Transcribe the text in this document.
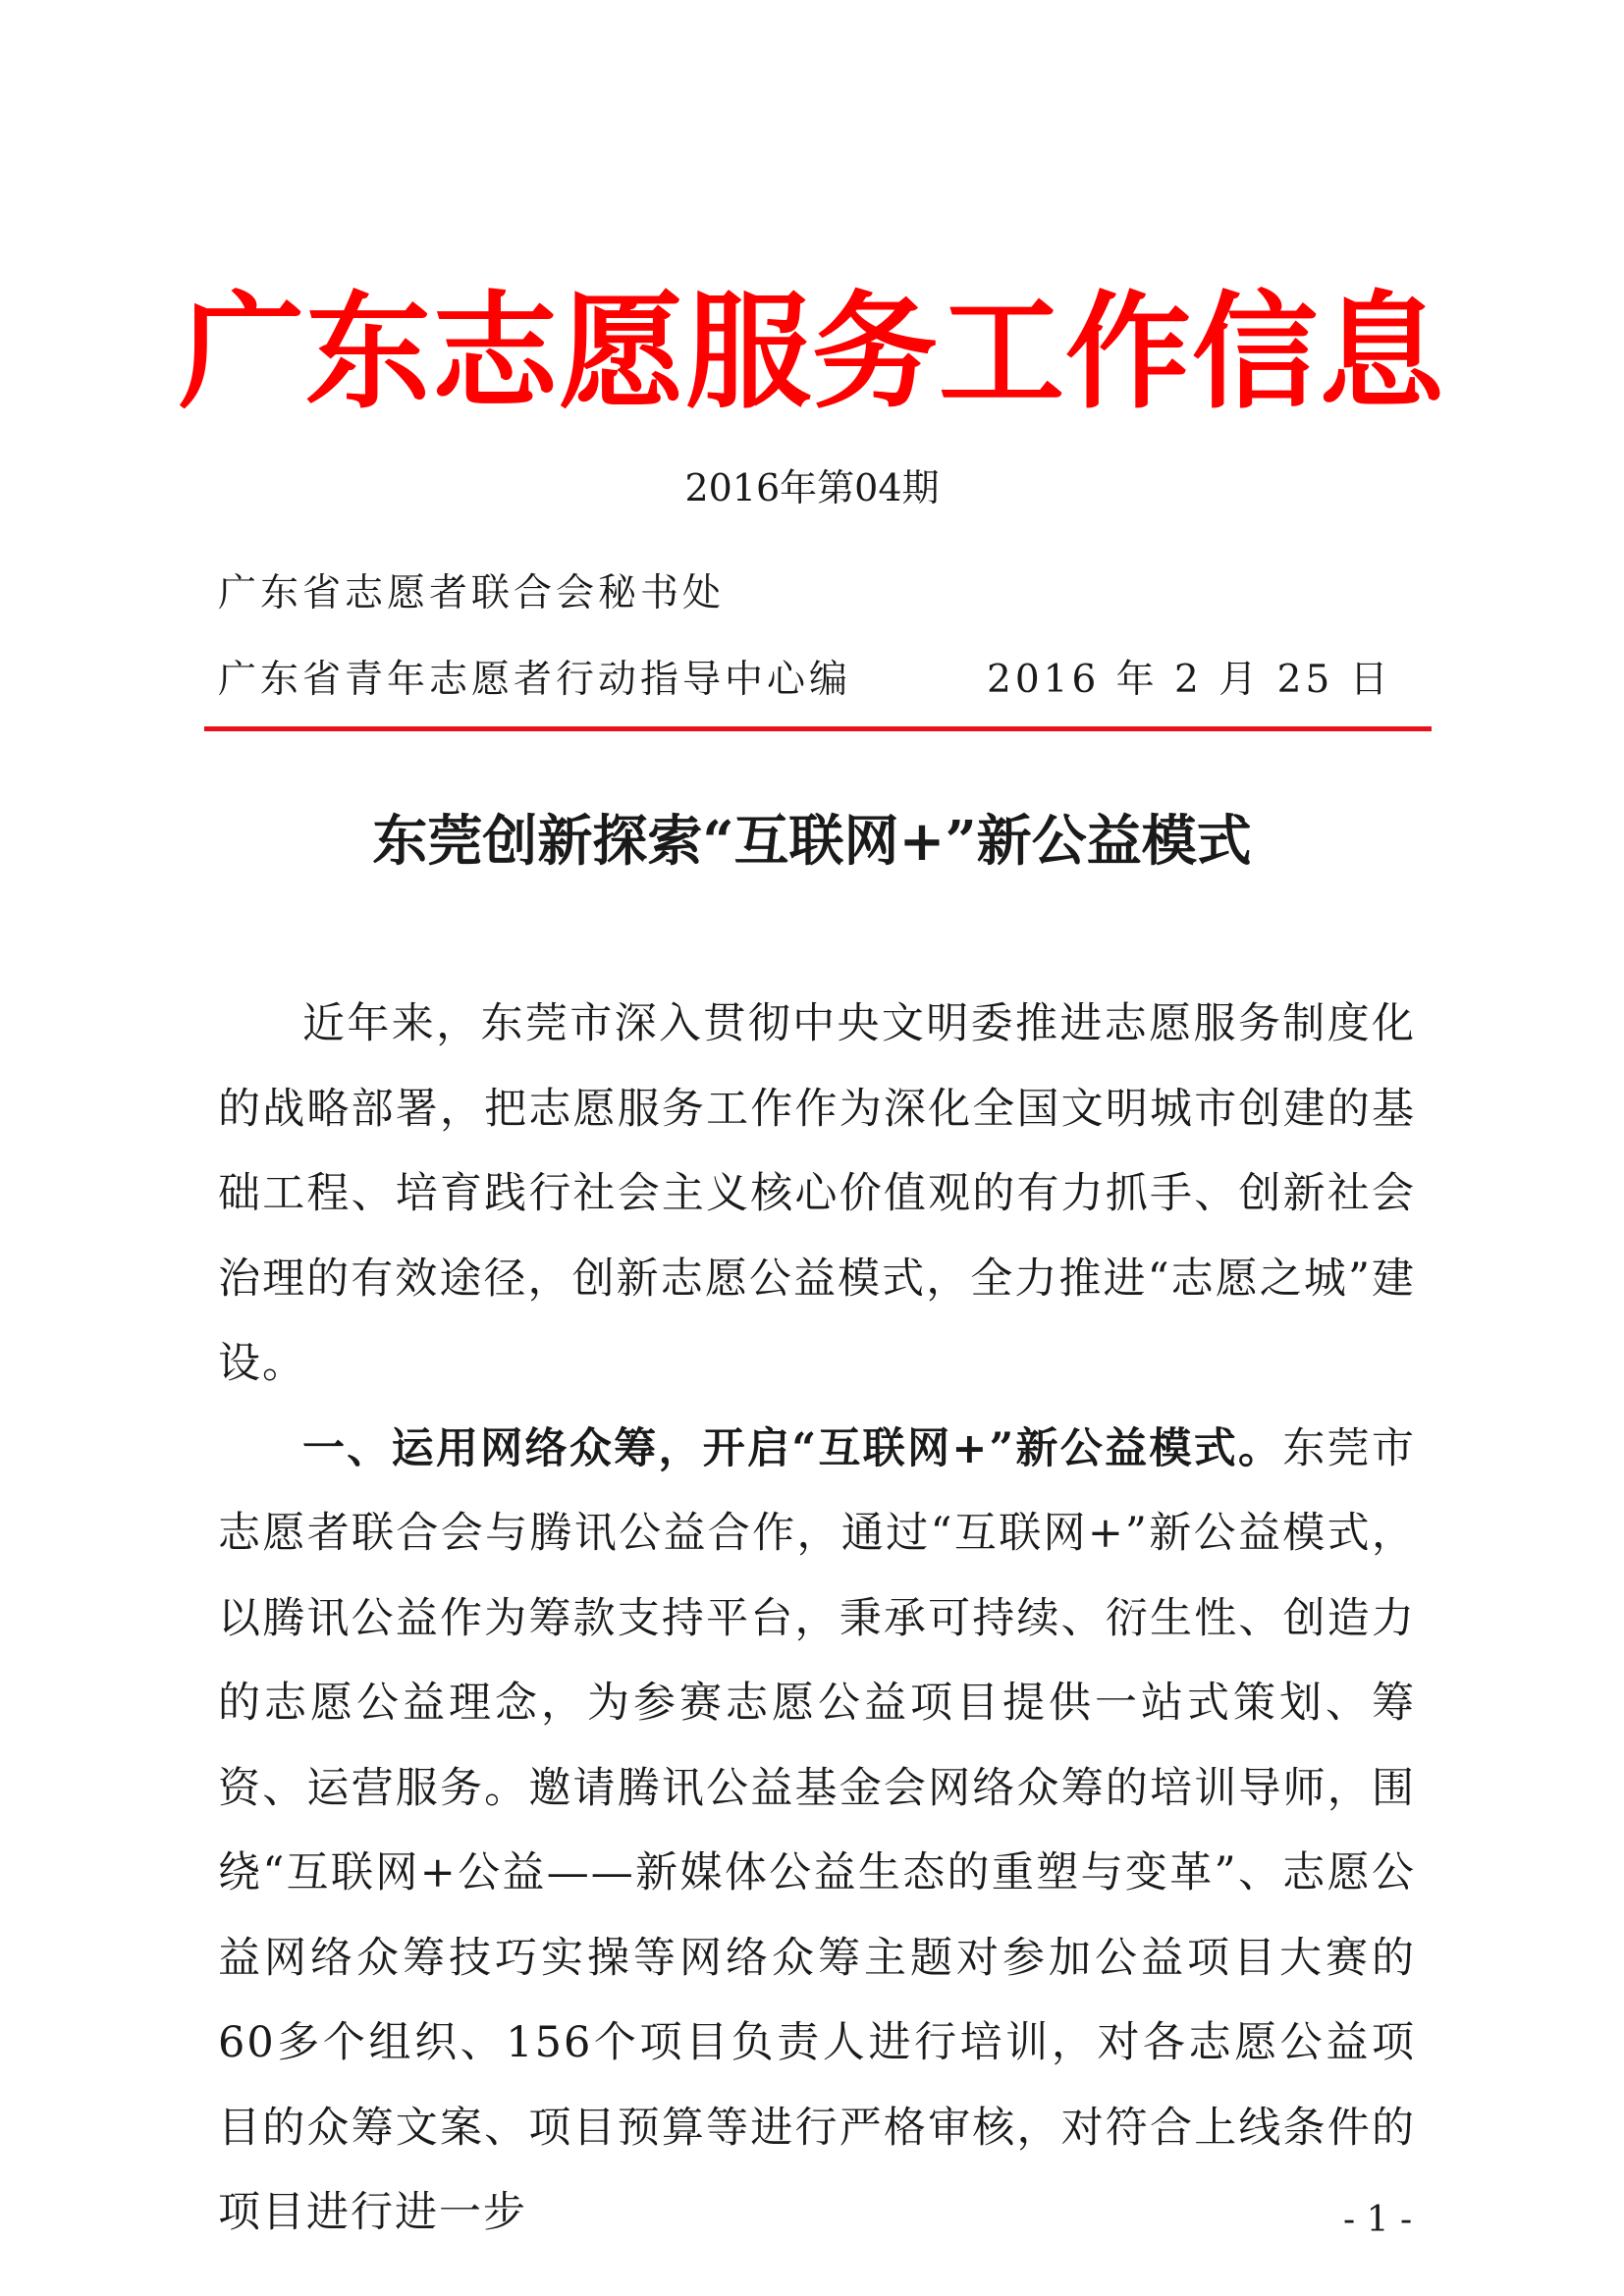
广东志愿服务工作信息
2016年第04期
广东省志愿者联合会秘书处
广东省青年志愿者行动指导中心编	2016 年 2 月 25 日
东莞创新探索“互联网+”新公益模式

近年来，东莞市深入贯彻中央文明委推进志愿服务制度化的战略部署，把志愿服务工作作为深化全国文明城市创建的基础工程、培育践行社会主义核心价值观的有力抓手、创新社会治理的有效途径，创新志愿公益模式，全力推进“志愿之城”建设。

一、运用网络众筹，开启“互联网+”新公益模式。东莞市志愿者联合会与腾讯公益合作，通过“互联网+”新公益模式，以腾讯公益作为筹款支持平台，秉承可持续、衍生性、创造力的志愿公益理念，为参赛志愿公益项目提供一站式策划、筹资、运营服务。邀请腾讯公益基金会网络众筹的培训导师，围绕“互联网+公益——新媒体公益生态的重塑与变革”、志愿公益网络众筹技巧实操等网络众筹主题对参加公益项目大赛的60多个组织、156个项目负责人进行培训，对各志愿公益项目的众筹文案、项目预算等进行严格审核，对符合上线条件的项目进行进一步	- 1 -
